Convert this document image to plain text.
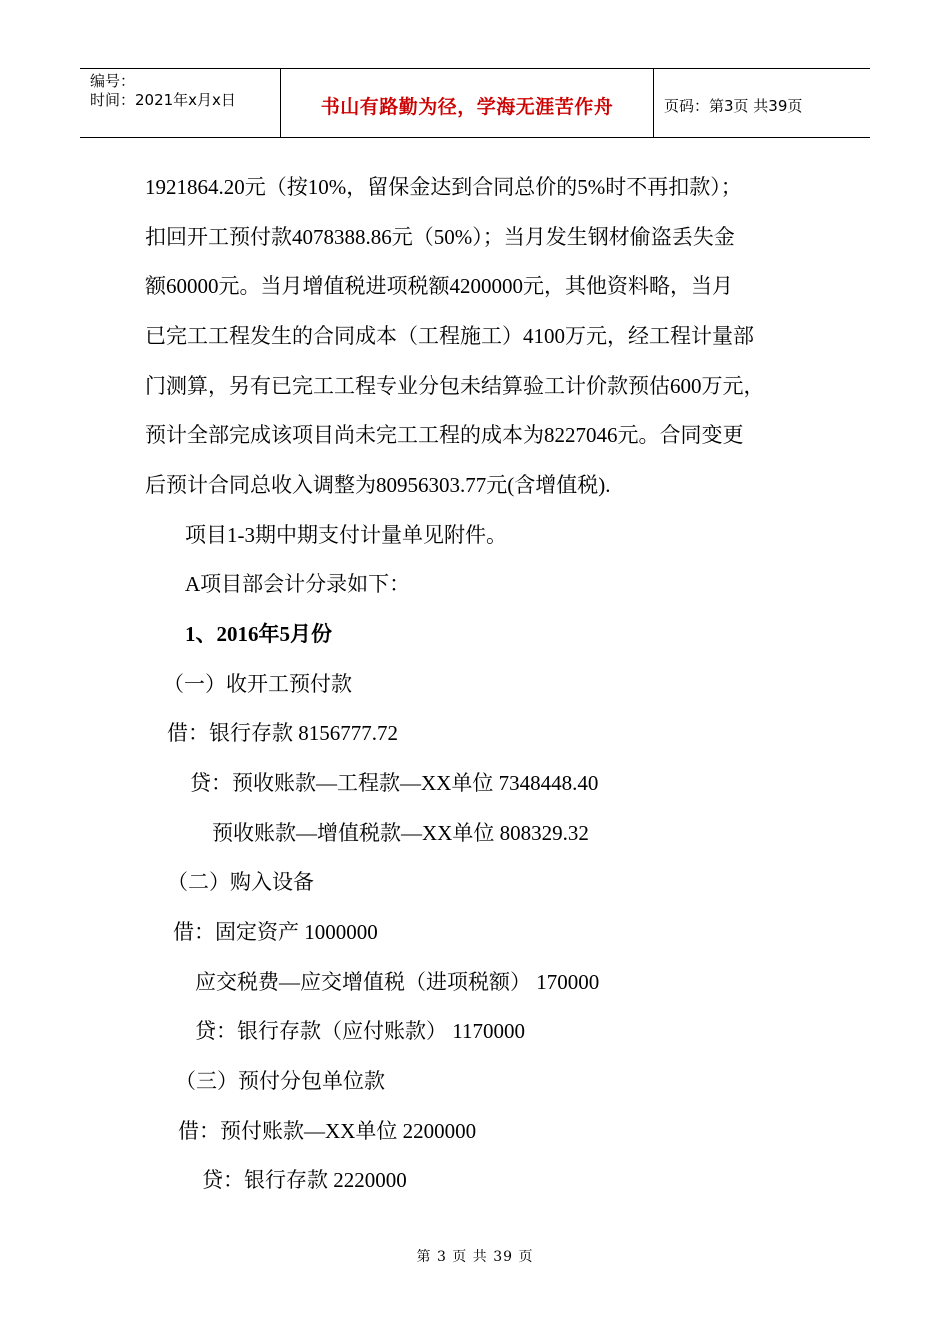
编号：
时间：2021年x月x日	书山有路勤为径，学海无涯苦作舟	页码：第3页 共39页
1921864.20元（按10%，留保金达到合同总价的5%时不再扣款）；
扣回开工预付款4078388.86元（50%）；当月发生钢材偷盗丢失金
额60000元。当月增值税进项税额4200000元，其他资料略，当月
已完工工程发生的合同成本（工程施工）4100万元，经工程计量部
门测算，另有已完工工程专业分包未结算验工计价款预估600万元，
预计全部完成该项目尚未完工工程的成本为8227046元。合同变更
后预计合同总收入调整为80956303.77元(含增值税).
项目1-3期中期支付计量单见附件。
A项目部会计分录如下：
1、2016年5月份
（一）收开工预付款
借：银行存款 8156777.72
贷：预收账款—工程款—XX单位 7348448.40
预收账款—增值税款—XX单位 808329.32
（二）购入设备
借：固定资产 1000000
应交税费—应交增值税（进项税额） 170000
贷：银行存款（应付账款） 1170000
（三）预付分包单位款
借：预付账款—XX单位 2200000
贷：银行存款 2220000
第 3 页 共 39 页
